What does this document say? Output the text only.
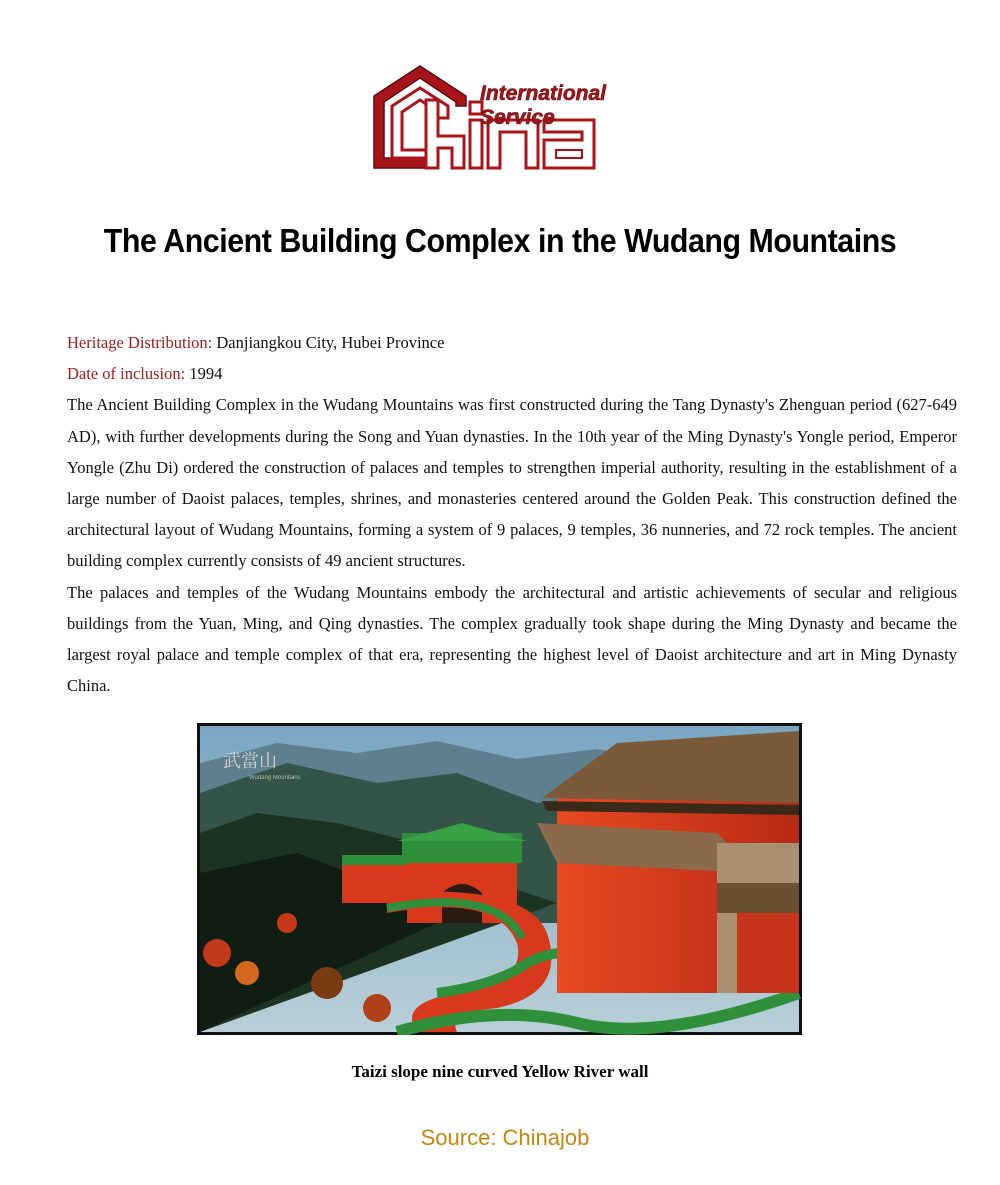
International
Service
The Ancient Building Complex in the Wudang Mountains

Heritage Distribution: Danjiangkou City, Hubei Province

Date of inclusion: 1994

The Ancient Building Complex in the Wudang Mountains was first constructed during the Tang Dynasty's Zhenguan period (627-649 AD), with further developments during the Song and Yuan dynasties. In the 10th year of the Ming Dynasty's Yongle period, Emperor Yongle (Zhu Di) ordered the construction of palaces and temples to strengthen imperial authority, resulting in the establishment of a large number of Daoist palaces, temples, shrines, and monasteries centered around the Golden Peak. This construction defined the architectural layout of Wudang Mountains, forming a system of 9 palaces, 9 temples, 36 nunneries, and 72 rock temples. The ancient building complex currently consists of 49 ancient structures.

The palaces and temples of the Wudang Mountains embody the architectural and artistic achievements of secular and religious buildings from the Yuan, Ming, and Qing dynasties. The complex gradually took shape during the Ming Dynasty and became the largest royal palace and temple complex of that era, representing the highest level of Daoist architecture and art in Ming Dynasty China.

武當山
Wudang Mountains
Taizi slope nine curved Yellow River wall
Source: Chinajob
